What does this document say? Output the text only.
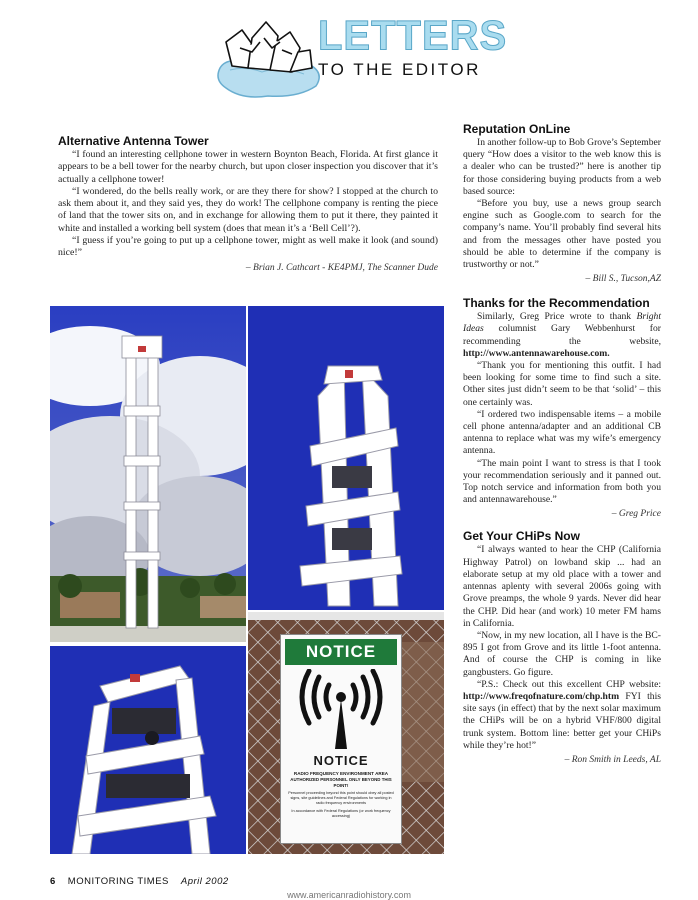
LETTERS
TO THE EDITOR
Alternative Antenna Tower

“I found an interesting cellphone tower in western Boynton Beach, Florida. At first glance it appears to be a bell tower for the nearby church, but upon closer inspection you discover that it’s actually a cellphone tower!

“I wondered, do the bells really work, or are they there for show? I stopped at the church to ask them about it, and they said yes, they do work! The cellphone company is renting the piece of land that the tower sits on, and in exchange for allowing them to put it there, they painted it white and installed a working bell system (does that mean it’s a ‘Bell Cell’?).

“I guess if you’re going to put up a cellphone tower, might as well make it look (and sound) nice!”

– Brian J. Cathcart - KE4PMJ, The Scanner Dude

NOTICE
NOTICE
RADIO FREQUENCY ENVIRONMENT AREA
AUTHORIZED PERSONNEL ONLY BEYOND THIS POINT!
Personnel proceeding beyond this point should obey all posted signs, site guidelines and Federal Regulations for working in radio frequency environments
In accordance with Federal Regulations (or work frequency accessing)
Reputation OnLine

In another follow-up to Bob Grove’s September query “How does a visitor to the web know this is a dealer who can be trusted?” here is another tip for those considering buying products from a web based source:

“Before you buy, use a news group search engine such as Google.com to search for the company’s name. You’ll probably find several hits and from the messages other have posted you should be able to determine if the company is trustworthy or not.”

– Bill S., Tucson,AZ

Thanks for the Recommendation

Similarly, Greg Price wrote to thank Bright Ideas columnist Gary Webbenhurst for recommending the website, http://www.antennawarehouse.com.

“Thank you for mentioning this outfit. I had been looking for some time to find such a site. Other sites just didn’t seem to be that ‘solid’ – this one certainly was.

“I ordered two indispensable items – a mobile cell phone antenna/adapter and an additional CB antenna to replace what was my wife’s emergency antenna.

“The main point I want to stress is that I took your recommendation seriously and it panned out. Top notch service and information from both you and antennawarehouse.”

– Greg Price

Get Your CHiPs Now

“I always wanted to hear the CHP (California Highway Patrol) on lowband skip ... had an elaborate setup at my old place with a tower and antennas aplenty with several 2006s going with Grove preamps, the whole 9 yards. Never did hear the CHP. Did hear (and work) 10 meter FM hams in California.

“Now, in my new location, all I have is the BC-895 I got from Grove and its little 1-foot antenna. And of course the CHP is coming in like gangbusters. Go figure.

“P.S.: Check out this excellent CHP website: http://www.freqofnature.com/chp.htm FYI this site says (in effect) that by the next solar maximum the CHiPs will be on a hybrid VHF/800 digital trunk system. Bottom line: better get your CHiPs while they’re hot!”

– Ron Smith in Leeds, AL

6 MONITORING TIMES April 2002
www.americanradiohistory.com
